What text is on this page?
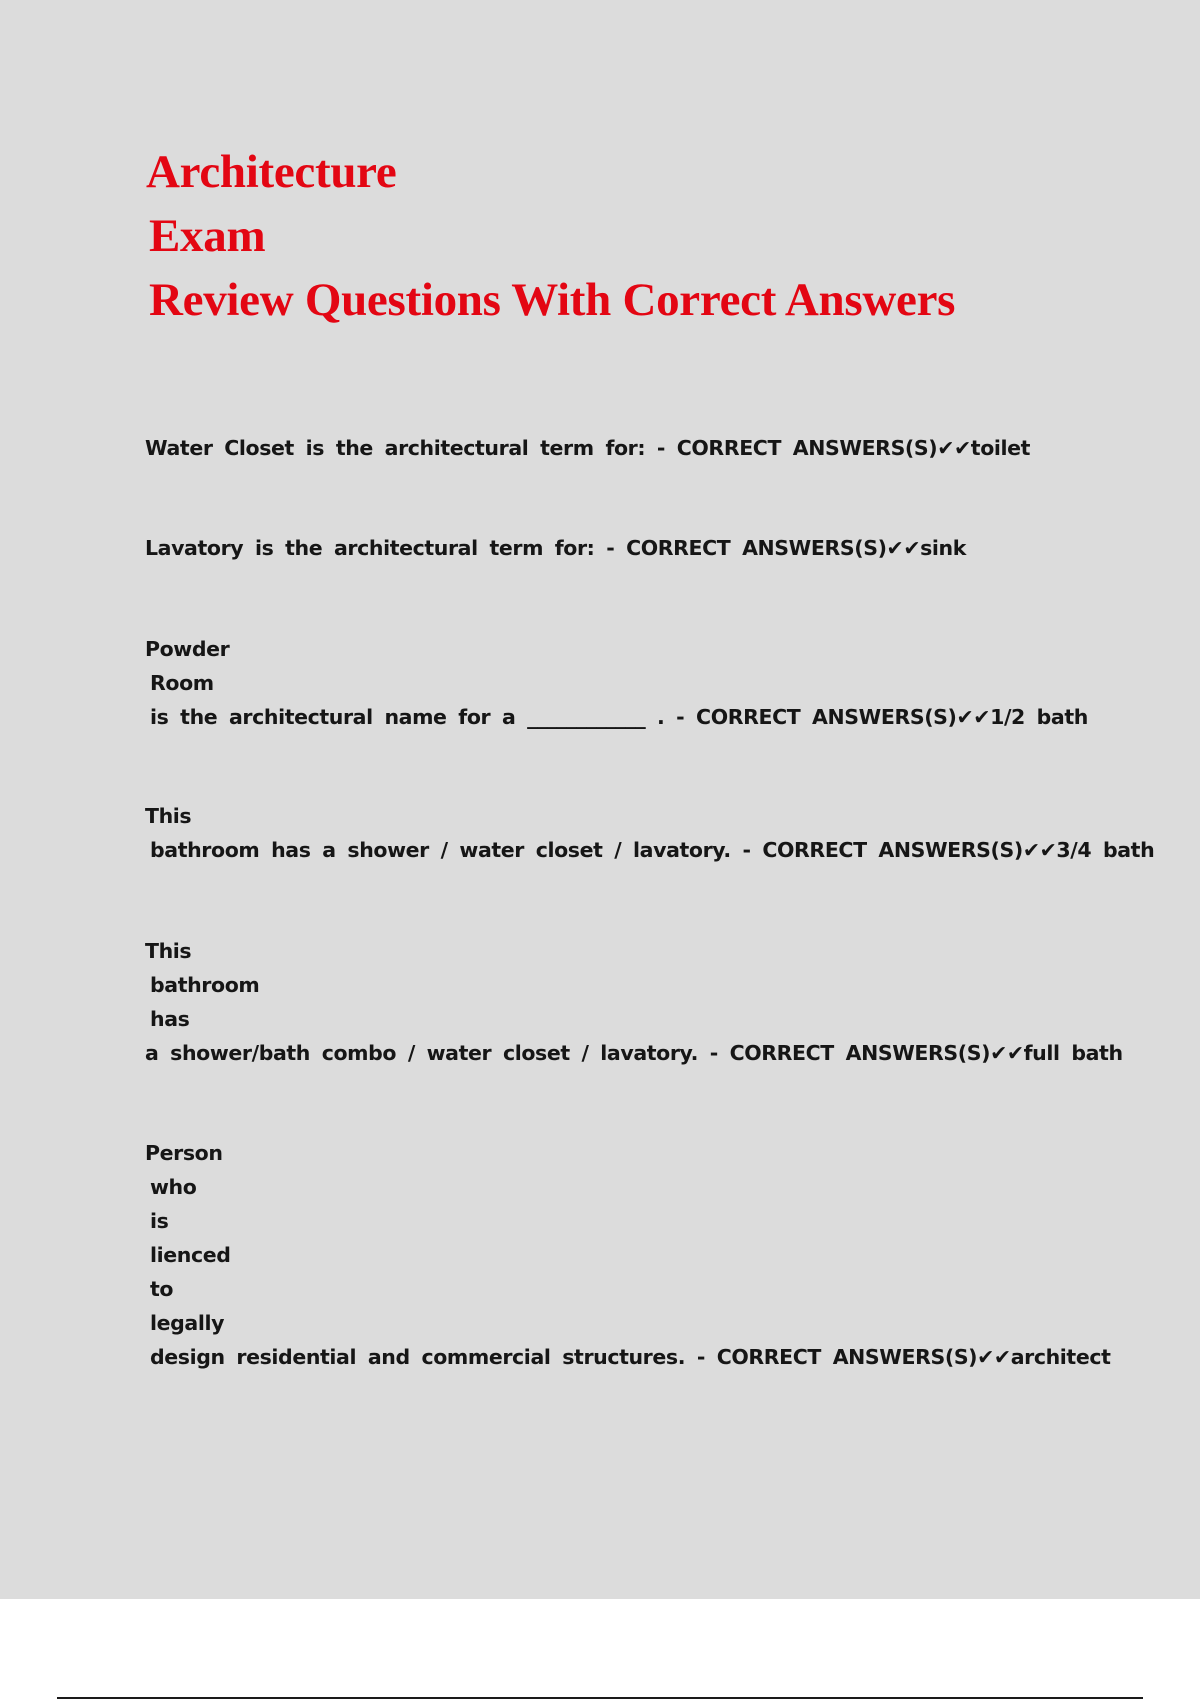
Architecture
Exam
Review Questions With Correct Answers

Water Closet is the architectural term for: - CORRECT ANSWERS(S)✔✔toilet

Lavatory is the architectural term for: - CORRECT ANSWERS(S)✔✔sink

Powder
Room
is the architectural name for a ____________ . - CORRECT ANSWERS(S)✔✔1/2 bath

This
bathroom has a shower / water closet / lavatory. - CORRECT ANSWERS(S)✔✔3/4 bath

This
bathroom
has
a shower/bath combo / water closet / lavatory. - CORRECT ANSWERS(S)✔✔full bath

Person
who
is
lienced
to
legally
design residential and commercial structures. - CORRECT ANSWERS(S)✔✔architect
